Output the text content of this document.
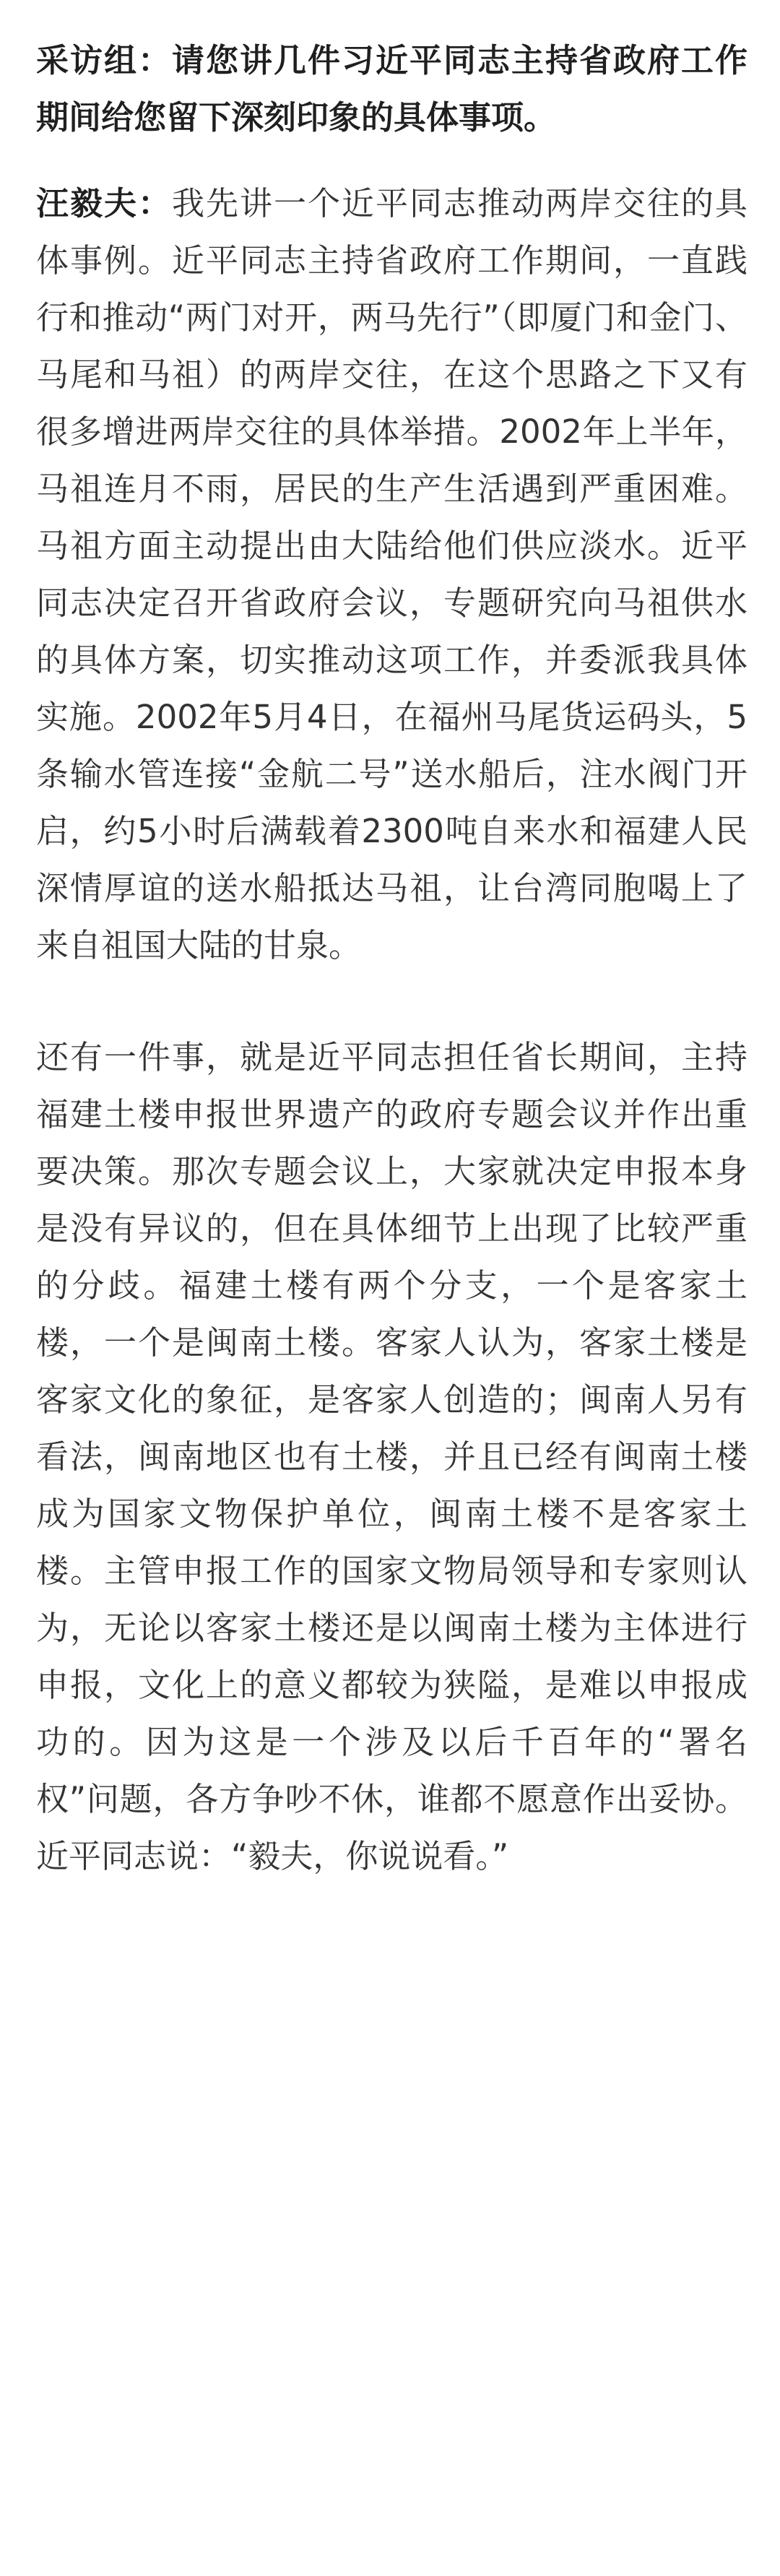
采访组：请您讲几件习近平同志主持省政府工作期间给您留下深刻印象的具体事项。

汪毅夫：我先讲一个近平同志推动两岸交往的具体事例。近平同志主持省政府工作期间，一直践行和推动“两门对开，两马先行”（即厦门和金门、马尾和马祖）的两岸交往，在这个思路之下又有很多增进两岸交往的具体举措。2002年上半年，马祖连月不雨，居民的生产生活遇到严重困难。马祖方面主动提出由大陆给他们供应淡水。近平同志决定召开省政府会议，专题研究向马祖供水的具体方案，切实推动这项工作，并委派我具体实施。2002年5月4日，在福州马尾货运码头，5条输水管连接“金航二号”送水船后，注水阀门开启，约5小时后满载着2300吨自来水和福建人民深情厚谊的送水船抵达马祖，让台湾同胞喝上了来自祖国大陆的甘泉。

还有一件事，就是近平同志担任省长期间，主持福建土楼申报世界遗产的政府专题会议并作出重要决策。那次专题会议上，大家就决定申报本身是没有异议的，但在具体细节上出现了比较严重的分歧。福建土楼有两个分支，一个是客家土楼，一个是闽南土楼。客家人认为，客家土楼是客家文化的象征，是客家人创造的；闽南人另有看法，闽南地区也有土楼，并且已经有闽南土楼成为国家文物保护单位，闽南土楼不是客家土楼。主管申报工作的国家文物局领导和专家则认为，无论以客家土楼还是以闽南土楼为主体进行申报，文化上的意义都较为狭隘，是难以申报成功的。因为这是一个涉及以后千百年的“署名权”问题，各方争吵不休，谁都不愿意作出妥协。近平同志说：“毅夫，你说说看。”
